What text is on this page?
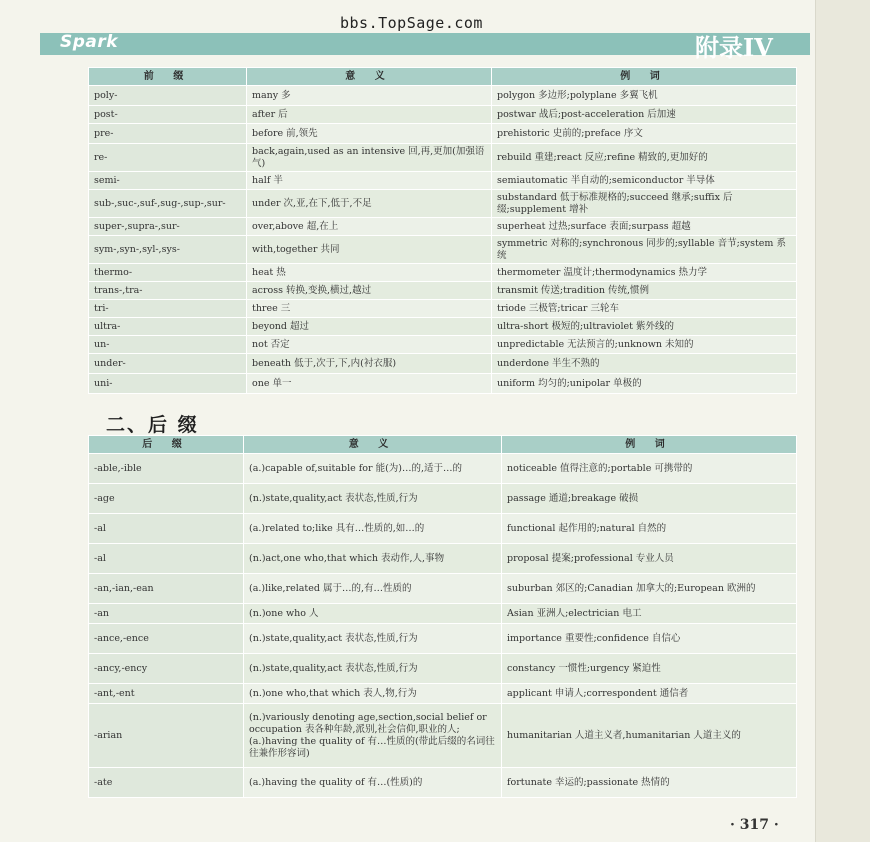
bbs.TopSage.com
Spark	附录IV
前 缀	意 义	例 词
poly-	many 多	polygon 多边形;polyplane 多翼飞机
post-	after 后	postwar 战后;post-acceleration 后加速
pre-	before 前,领先	prehistoric 史前的;preface 序文
re-	back,again,used as an intensive 回,再,更加(加强语气)	rebuild 重建;react 反应;refine 精致的,更加好的
semi-	half 半	semiautomatic 半自动的;semiconductor 半导体
sub-,suc-,suf-,sug-,sup-,sur-	under 次,亚,在下,低于,不足	substandard 低于标准规格的;succeed 继承;suffix 后缀;supplement 增补
super-,supra-,sur-	over,above 超,在上	superheat 过热;surface 表面;surpass 超越
sym-,syn-,syl-,sys-	with,together 共同	symmetric 对称的;synchronous 同步的;syllable 音节;system 系统
thermo-	heat 热	thermometer 温度计;thermodynamics 热力学
trans-,tra-	across 转换,变换,横过,越过	transmit 传送;tradition 传统,惯例
tri-	three 三	triode 三极管;tricar 三轮车
ultra-	beyond 超过	ultra-short 极短的;ultraviolet 紫外线的
un-	not 否定	unpredictable 无法预言的;unknown 未知的
under-	beneath 低于,次于,下,内(衬衣服)	underdone 半生不熟的
uni-	one 单一	uniform 均匀的;unipolar 单极的
二、后 缀
后 缀	意 义	例 词
-able,-ible	(a.)capable of,suitable for 能(为)…的,适于…的	noticeable 值得注意的;portable 可携带的
-age	(n.)state,quality,act 表状态,性质,行为	passage 通道;breakage 破损
-al	(a.)related to;like 具有…性质的,如…的	functional 起作用的;natural 自然的
-al	(n.)act,one who,that which 表动作,人,事物	proposal 提案;professional 专业人员
-an,-ian,-ean	(a.)like,related 属于…的,有…性质的	suburban 郊区的;Canadian 加拿大的;European 欧洲的
-an	(n.)one who 人	Asian 亚洲人;electrician 电工
-ance,-ence	(n.)state,quality,act 表状态,性质,行为	importance 重要性;confidence 自信心
-ancy,-ency	(n.)state,quality,act 表状态,性质,行为	constancy 一惯性;urgency 紧迫性
-ant,-ent	(n.)one who,that which 表人,物,行为	applicant 申请人;correspondent 通信者
-arian	(n.)variously denoting age,section,social belief or occupation 表各种年龄,派别,社会信仰,职业的人;(a.)having the quality of 有…性质的(带此后缀的名词往往兼作形容词)	humanitarian 人道主义者,humanitarian 人道主义的
-ate	(a.)having the quality of 有…(性质)的	fortunate 幸运的;passionate 热情的
· 317 ·
